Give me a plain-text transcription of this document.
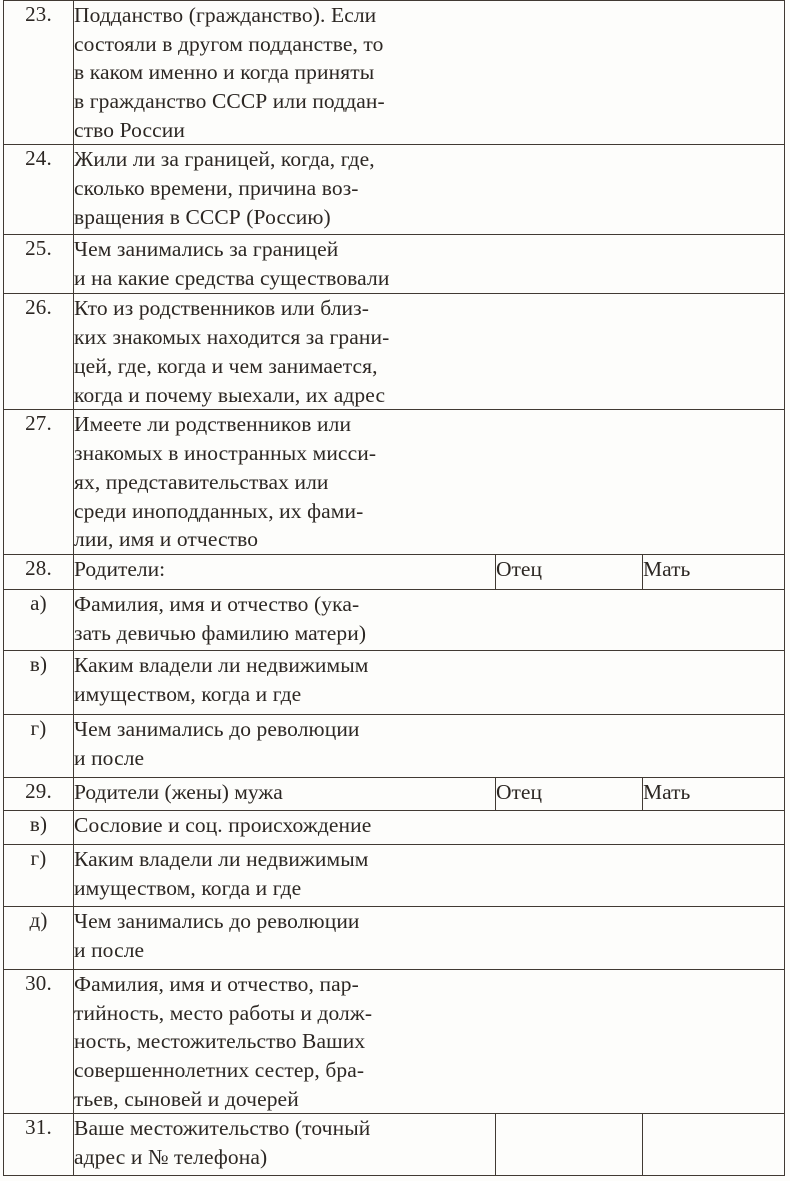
23.	Подданство (гражданство). Если
состояли в другом подданстве, то
в каком именно и когда приняты
в гражданство СССР или поддан-
ство России		

24.	Жили ли за границей, когда, где,
сколько времени, причина воз-
вращения в СССР (Россию)		

25.	Чем занимались за границей
и на какие средства существовали		

26.	Кто из родственников или близ-
ких знакомых находится за грани-
цей, где, когда и чем занимается,
когда и почему выехали, их адрес		

27.	Имеете ли родственников или
знакомых в иностранных мисси-
ях, представительствах или
среди иноподданных, их фами-
лии, имя и отчество		

28.	Родители:	Отец	Мать
а)	Фамилия, имя и отчество (ука-
зать девичью фамилию матери)		

в)	Каким владели ли недвижимым
имуществом, когда и где		

г)	Чем занимались до революции
и после		

29.	Родители (жены) мужа	Отец	Мать
в)	Сословие и соц. происхождение		

г)	Каким владели ли недвижимым
имуществом, когда и где		

д)	Чем занимались до революции
и после		

30.	Фамилия, имя и отчество, пар-
тийность, место работы и долж-
ность, местожительство Ваших
совершеннолетних сестер, бра-
тьев, сыновей и дочерей		

31.	Ваше местожительство (точный
адрес и № телефона)		
